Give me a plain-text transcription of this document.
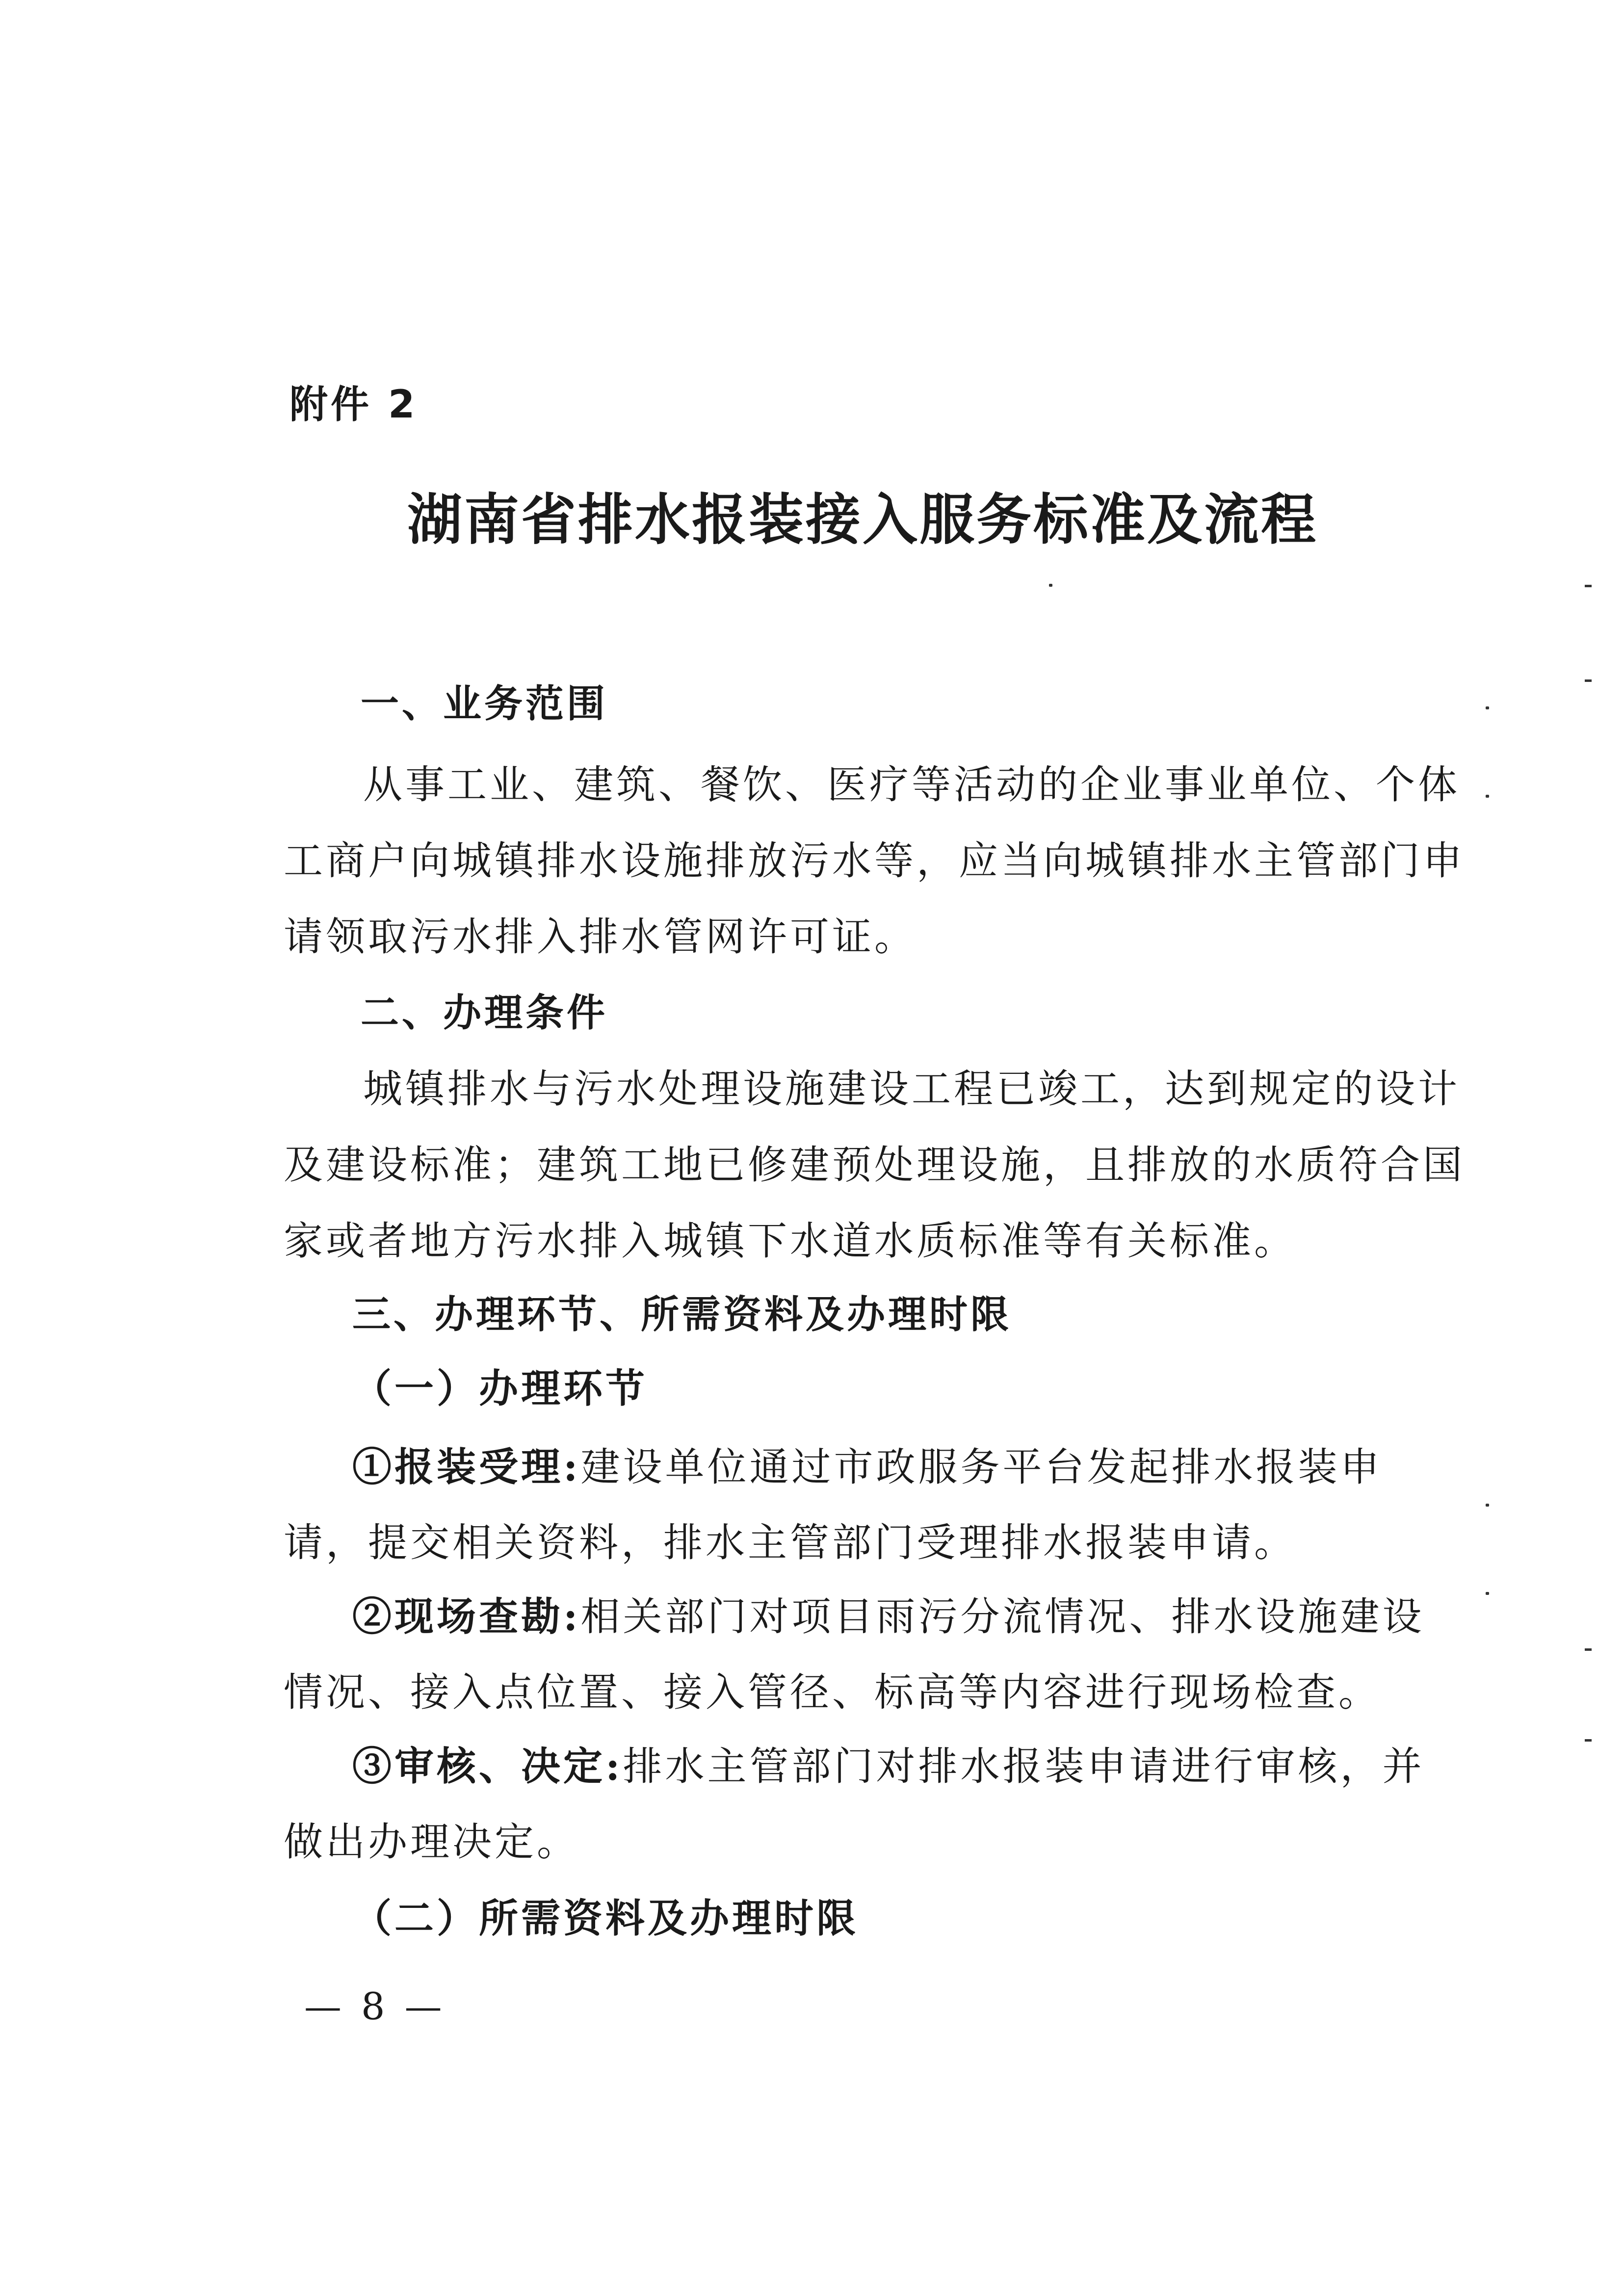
附件 2
湖南省排水报装接入服务标准及流程
一、业务范围
从事工业、建筑、餐饮、医疗等活动的企业事业单位、个体
工商户向城镇排水设施排放污水等，应当向城镇排水主管部门申
请领取污水排入排水管网许可证。
二、办理条件
城镇排水与污水处理设施建设工程已竣工，达到规定的设计
及建设标准；建筑工地已修建预处理设施，且排放的水质符合国
家或者地方污水排入城镇下水道水质标准等有关标准。
三、办理环节、所需资料及办理时限
（一）办理环节
①报装受理:建设单位通过市政服务平台发起排水报装申
请，提交相关资料，排水主管部门受理排水报装申请。
②现场查勘:相关部门对项目雨污分流情况、排水设施建设
情况、接入点位置、接入管径、标高等内容进行现场检查。
③审核、决定:排水主管部门对排水报装申请进行审核，并
做出办理决定。
（二）所需资料及办理时限
— 8 —
